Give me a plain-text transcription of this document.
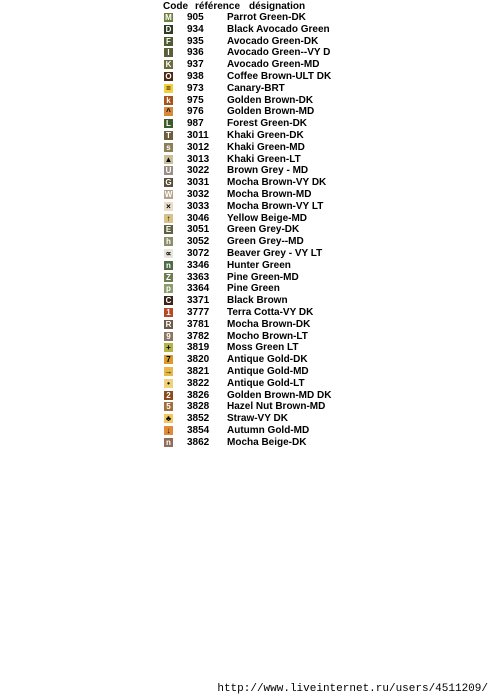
Code référence désignation
M 905 Parrot Green-DK
D 934 Black Avocado Green
F 935 Avocado Green-DK
I	936 Avocado Green--VY D
K 937 Avocado Green-MD
O 938 Coffee Brown-ULT DK
= 973 Canary-BRT
k 975 Golden Brown-DK
^ 976 Golden Brown-MD
L 987 Forest Green-DK
T 3011 Khaki Green-DK
s 3012 Khaki Green-MD
▲ 3013 Khaki Green-LT
U 3022 Brown Grey - MD
G 3031 Mocha Brown-VY DK
W 3032 Mocha Brown-MD
× 3033 Mocha Brown-VY LT
↑ 3046 Yellow Beige-MD
E 3051 Green Grey-DK
h 3052 Green Grey--MD
∝ 3072 Beaver Grey - VY LT
n 3346 Hunter Green
Z 3363 Pine Green-MD
p 3364 Pine Green
C 3371 Black Brown
1 3777 Terra Cotta-VY DK
R 3781 Mocha Brown-DK
9 3782 Mocho Brown-LT
+ 3819 Moss Green LT
7 3820 Antique Gold-DK
→ 3821 Antique Gold-MD
•	3822 Antique Gold-LT
2 3826 Golden Brown-MD DK
5 3828 Hazel Nut Brown-MD
♣ 3852 Straw-VY DK
↓ 3854 Autumn Gold-MD
n 3862 Mocha Beige-DK
http://www.liveinternet.ru/users/4511209/
